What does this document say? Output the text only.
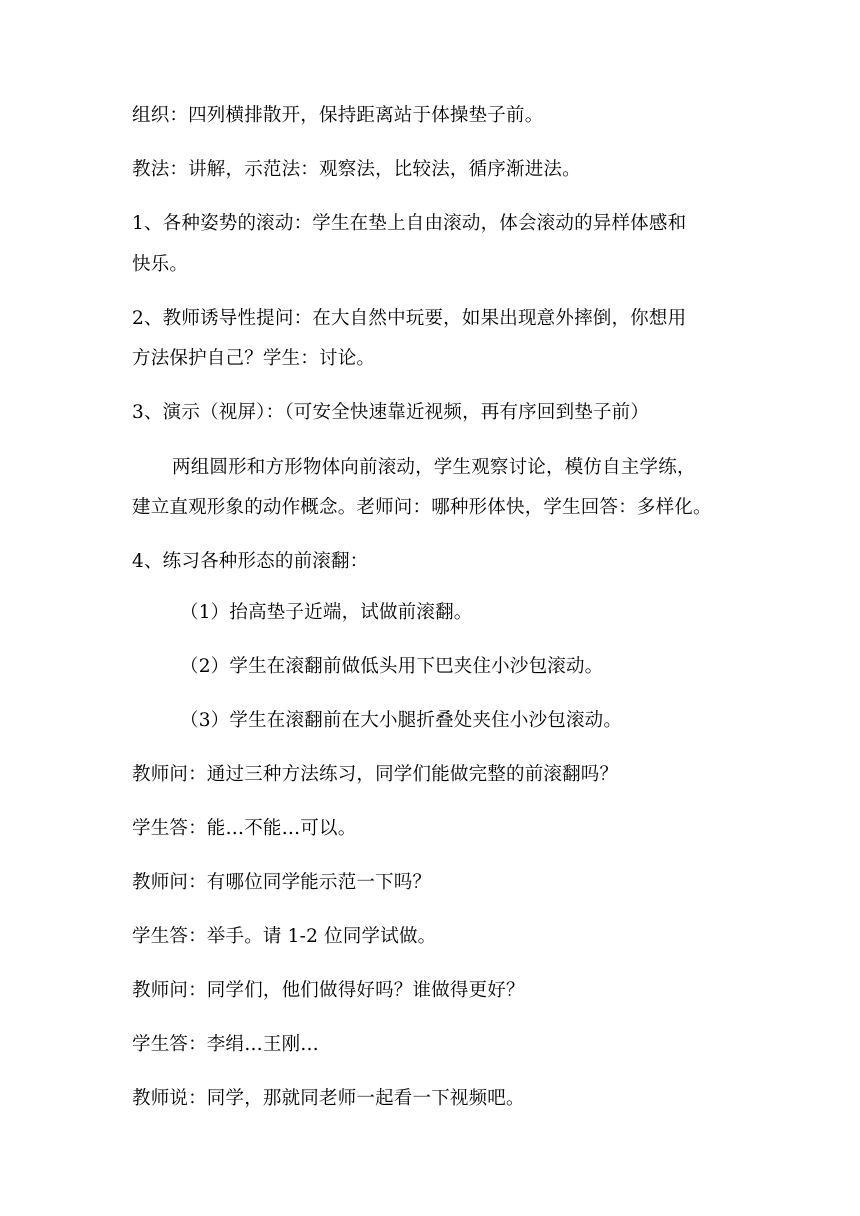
组织：四列横排散开，保持距离站于体操垫子前。
教法：讲解，示范法：观察法，比较法，循序渐进法。
1、各种姿势的滚动：学生在垫上自由滚动，体会滚动的异样体感和
快乐。
2、教师诱导性提问：在大自然中玩要，如果出现意外摔倒，你想用
方法保护自己？学生：讨论。
3、演示（视屏）：（可安全快速靠近视频，再有序回到垫子前）
两组圆形和方形物体向前滚动，学生观察讨论，模仿自主学练，
建立直观形象的动作概念。老师问：哪种形体快，学生回答：多样化。
4、练习各种形态的前滚翻：
（1）抬高垫子近端，试做前滚翻。
（2）学生在滚翻前做低头用下巴夹住小沙包滚动。
（3）学生在滚翻前在大小腿折叠处夹住小沙包滚动。
教师问：通过三种方法练习，同学们能做完整的前滚翻吗？
学生答：能…不能…可以。
教师问：有哪位同学能示范一下吗？
学生答：举手。请 1-2 位同学试做。
教师问：同学们，他们做得好吗？谁做得更好？
学生答：李绢…王刚…
教师说：同学，那就同老师一起看一下视频吧。
